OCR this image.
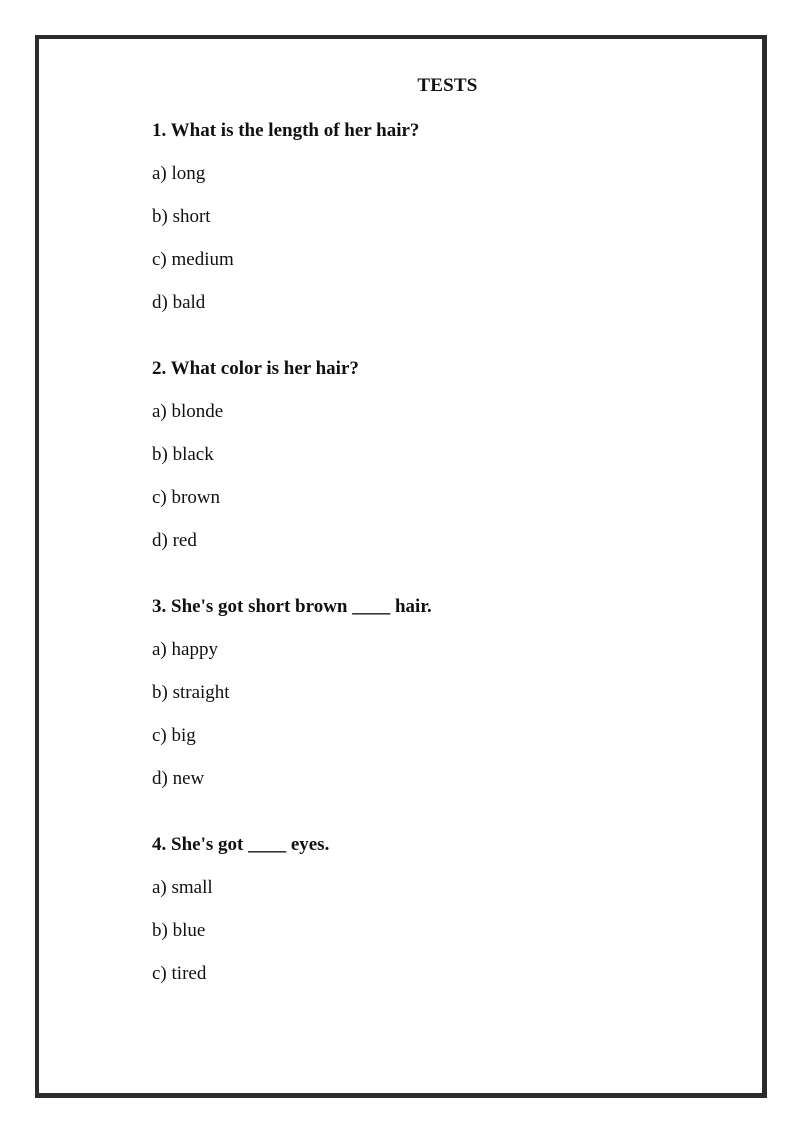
TESTS
1. What is the length of her hair?
a) long
b) short
c) medium
d) bald
2. What color is her hair?
a) blonde
b) black
c) brown
d) red
3. She's got short brown ____ hair.
a) happy
b) straight
c) big
d) new
4. She's got ____ eyes.
a) small
b) blue
c) tired
